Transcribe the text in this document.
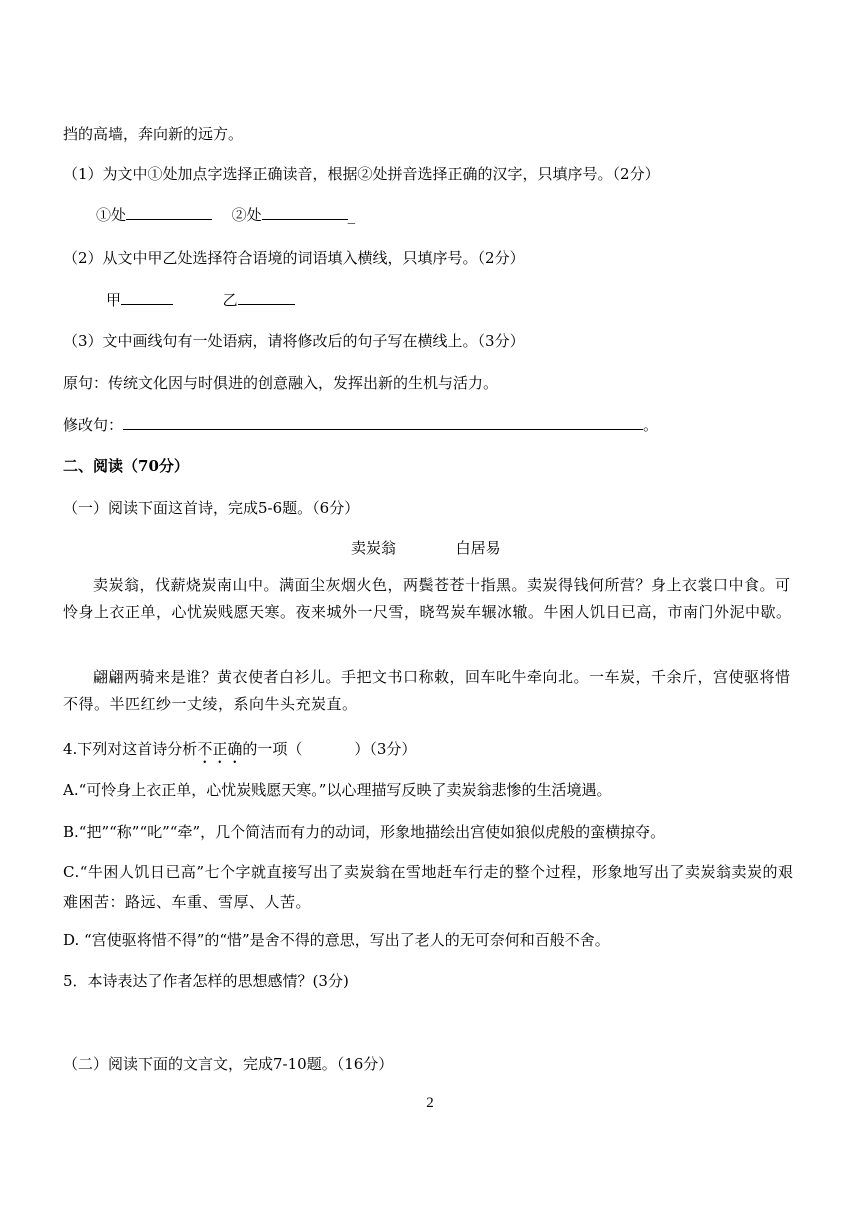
挡的高墙，奔向新的远方。
（1）为文中①处加点字选择正确读音，根据②处拼音选择正确的汉字，只填序号。（2分）
①处	②处	_
（2）从文中甲乙处选择符合语境的词语填入横线，只填序号。（2分）
甲	乙
（3）文中画线句有一处语病，请将修改后的句子写在横线上。（3分）
原句：传统文化因与时俱进的创意融入，发挥出新的生机与活力。
修改句：	。
二、阅读（70分）
（一）阅读下面这首诗，完成5-6题。（6分）
卖炭翁	白居易
卖炭翁，伐薪烧炭南山中。满面尘灰烟火色，两鬓苍苍十指黑。卖炭得钱何所营？身上衣裳口中食。可怜身上衣正单，心忧炭贱愿天寒。夜来城外一尺雪，晓驾炭车辗冰辙。牛困人饥日已高，市南门外泥中歇。
翩翩两骑来是谁？黄衣使者白衫儿。手把文书口称敕，回车叱牛牵向北。一车炭，千余斤，宫使驱将惜不得。半匹红纱一丈绫，系向牛头充炭直。
4.下列对这首诗分析不正确的一项（	）（3分）
A.“可怜身上衣正单，心忧炭贱愿天寒。”以心理描写反映了卖炭翁悲惨的生活境遇。
B.“把”“称”“叱”“牵”，几个简洁而有力的动词，形象地描绘出宫使如狼似虎般的蛮横掠夺。
C.“牛困人饥日已高”七个字就直接写出了卖炭翁在雪地赶车行走的整个过程，形象地写出了卖炭翁卖炭的艰难困苦：路远、车重、雪厚、人苦。
D. “宫使驱将惜不得”的“惜”是舍不得的意思，写出了老人的无可奈何和百般不舍。
5．本诗表达了作者怎样的思想感情？(3分)
（二）阅读下面的文言文，完成7-10题。（16分）
2
